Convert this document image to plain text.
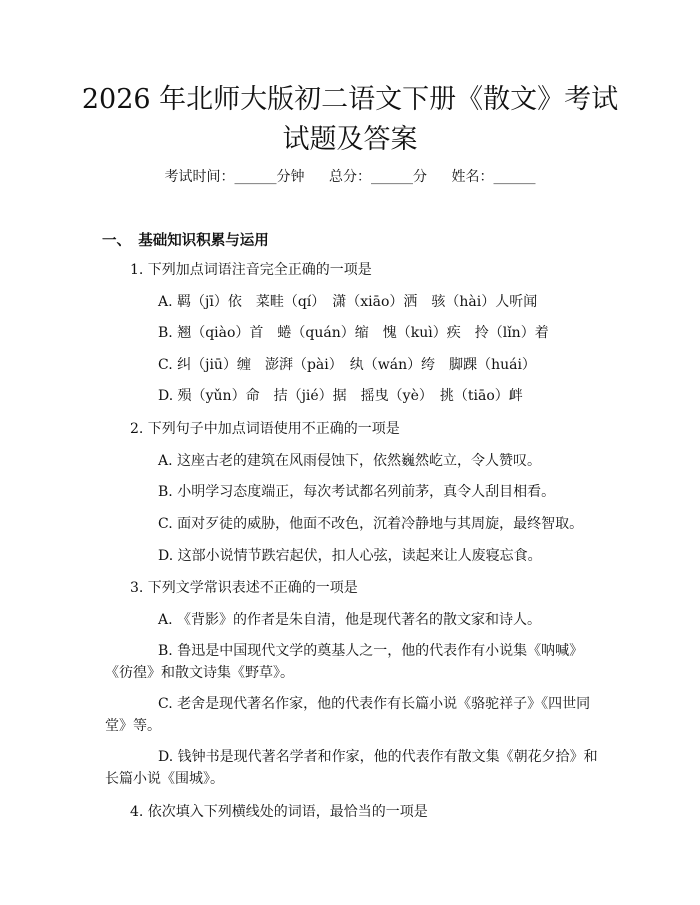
2026 年北师大版初二语文下册《散文》考试
试题及答案
考试时间：______分钟 总分：______分 姓名：______
一、　基础知识积累与运用
1. 下列加点词语注音完全正确的一项是
A. 羁（jī）依　菜畦（qí）　潇（xiāo）洒　骇（hài）人听闻
B. 翘（qiào）首　蜷（quán）缩　愧（kuì）疾　拎（lǐn）着
C. 纠（jiū）缠　澎湃（pài）　纨（wán）绔　脚踝（huái）
D. 殒（yǔn）命　拮（jié）据　摇曳（yè）　挑（tiāo）衅
2. 下列句子中加点词语使用不正确的一项是
A. 这座古老的建筑在风雨侵蚀下，依然巍然屹立，令人赞叹。
B. 小明学习态度端正，每次考试都名列前茅，真令人刮目相看。
C. 面对歹徒的威胁，他面不改色，沉着冷静地与其周旋，最终智取。
D. 这部小说情节跌宕起伏，扣人心弦，读起来让人废寝忘食。
3. 下列文学常识表述不正确的一项是
A. 《背影》的作者是朱自清，他是现代著名的散文家和诗人。
B. 鲁迅是中国现代文学的奠基人之一，他的代表作有小说集《呐喊》
《彷徨》和散文诗集《野草》。
C. 老舍是现代著名作家，他的代表作有长篇小说《骆驼祥子》《四世同
堂》等。
D. 钱钟书是现代著名学者和作家，他的代表作有散文集《朝花夕拾》和
长篇小说《围城》。
4. 依次填入下列横线处的词语，最恰当的一项是
